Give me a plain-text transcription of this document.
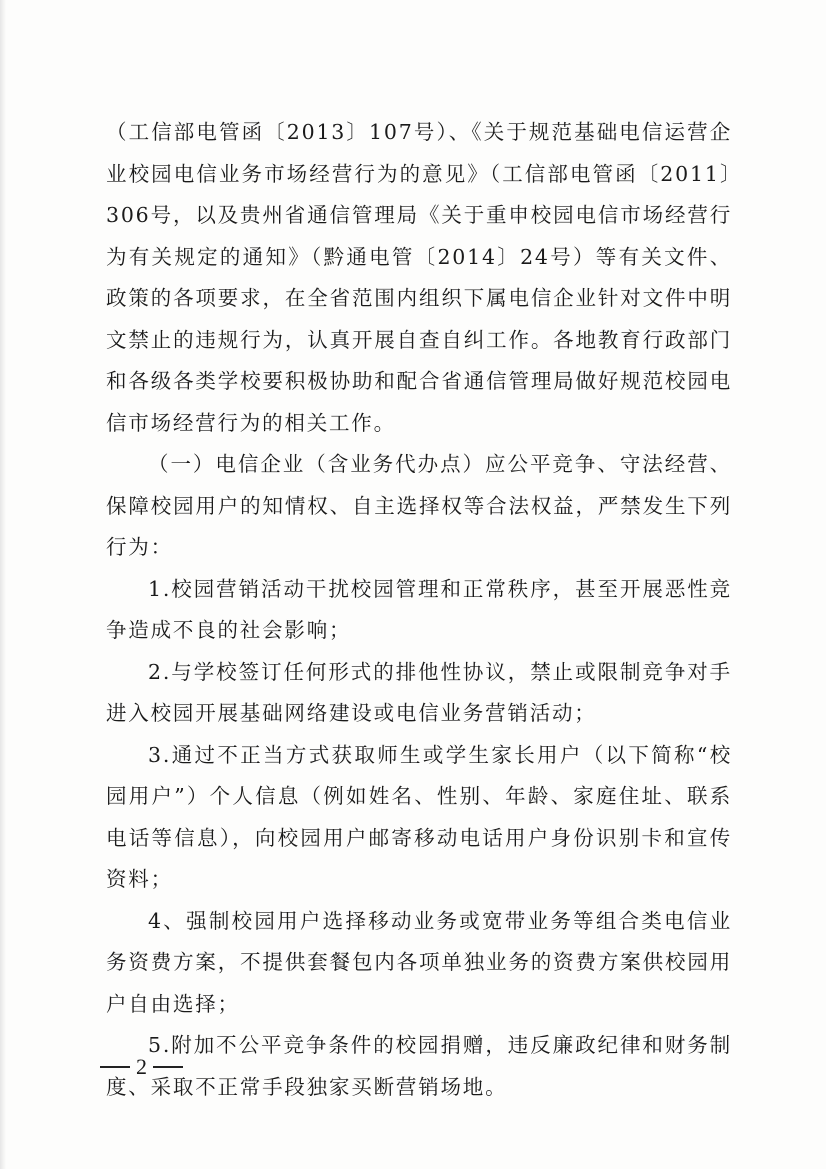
（工信部电管函〔2013〕107号）、《关于规范基础电信运营企业校园电信业务市场经营行为的意见》（工信部电管函〔2011〕306号，以及贵州省通信管理局《关于重申校园电信市场经营行为有关规定的通知》（黔通电管〔2014〕24号）等有关文件、政策的各项要求，在全省范围内组织下属电信企业针对文件中明文禁止的违规行为，认真开展自查自纠工作。各地教育行政部门和各级各类学校要积极协助和配合省通信管理局做好规范校园电信市场经营行为的相关工作。

（一）电信企业（含业务代办点）应公平竞争、守法经营、保障校园用户的知情权、自主选择权等合法权益，严禁发生下列行为：

1.校园营销活动干扰校园管理和正常秩序，甚至开展恶性竞争造成不良的社会影响；

2.与学校签订任何形式的排他性协议，禁止或限制竞争对手进入校园开展基础网络建设或电信业务营销活动；

3.通过不正当方式获取师生或学生家长用户（以下简称“校园用户”）个人信息（例如姓名、性别、年龄、家庭住址、联系电话等信息），向校园用户邮寄移动电话用户身份识别卡和宣传资料；

4、强制校园用户选择移动业务或宽带业务等组合类电信业务资费方案，不提供套餐包内各项单独业务的资费方案供校园用户自由选择；

5.附加不公平竞争条件的校园捐赠，违反廉政纪律和财务制度、采取不正常手段独家买断营销场地。

2
